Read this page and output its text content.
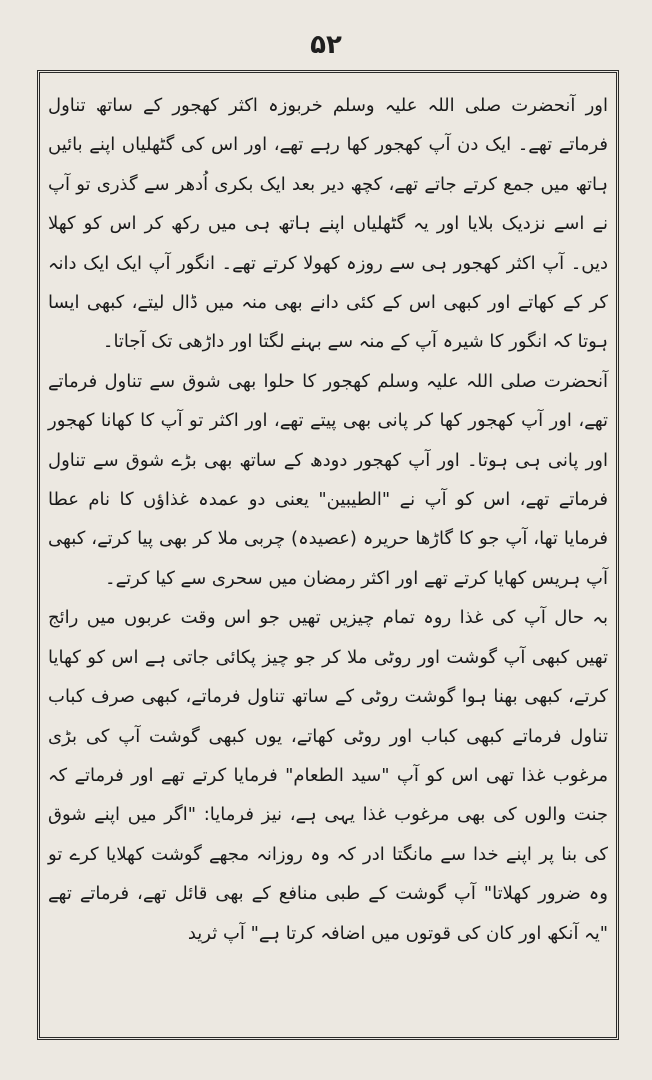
۵۲

اور آنحضرت صلی اللہ علیہ وسلم خربوزہ اکثر کھجور کے ساتھ تناول فرماتے تھے۔ ایک دن آپ کھجور کھا رہے تھے، اور اس کی گٹھلیاں اپنے بائیں ہاتھ میں جمع کرتے جاتے تھے، کچھ دیر بعد ایک بکری اُدھر سے گذری تو آپ نے اسے نزدیک بلایا اور یہ گٹھلیاں اپنے ہاتھ ہی میں رکھ کر اس کو کھلا دیں۔ آپ اکثر کھجور ہی سے روزہ کھولا کرتے تھے۔ انگور آپ ایک ایک دانہ کر کے کھاتے اور کبھی اس کے کئی دانے بھی منہ میں ڈال لیتے، کبھی ایسا ہوتا کہ انگور کا شیرہ آپ کے منہ سے بہنے لگتا اور داڑھی تک آجاتا۔

آنحضرت صلی اللہ علیہ وسلم کھجور کا حلوا بھی شوق سے تناول فرماتے تھے، اور آپ کھجور کھا کر پانی بھی پیتے تھے، اور اکثر تو آپ کا کھانا کھجور اور پانی ہی ہوتا۔ اور آپ کھجور دودھ کے ساتھ بھی بڑے شوق سے تناول فرماتے تھے، اس کو آپ نے "الطیبین" یعنی دو عمدہ غذاؤں کا نام عطا فرمایا تھا، آپ جو کا گاڑھا حریرہ (عصیدہ) چربی ملا کر بھی پیا کرتے، کبھی آپ ہریس کھایا کرتے تھے اور اکثر رمضان میں سحری سے کیا کرتے۔

بہ حال آپ کی غذا روہ تمام چیزیں تھیں جو اس وقت عربوں میں رائج تھیں کبھی آپ گوشت اور روٹی ملا کر جو چیز پکائی جاتی ہے اس کو کھایا کرتے، کبھی بھنا ہوا گوشت روٹی کے ساتھ تناول فرماتے، کبھی صرف کباب تناول فرماتے کبھی کباب اور روٹی کھاتے، یوں کبھی گوشت آپ کی بڑی مرغوب غذا تھی اس کو آپ "سید الطعام" فرمایا کرتے تھے اور فرماتے کہ جنت والوں کی بھی مرغوب غذا یہی ہے، نیز فرمایا: "اگر میں اپنے شوق کی بنا پر اپنے خدا سے مانگتا ادر کہ وہ روزانہ مجھے گوشت کھلایا کرے تو وہ ضرور کھلاتا" آپ گوشت کے طبی منافع کے بھی قائل تھے، فرماتے تھے "یہ آنکھ اور کان کی قوتوں میں اضافہ کرتا ہے" آپ ثرید
